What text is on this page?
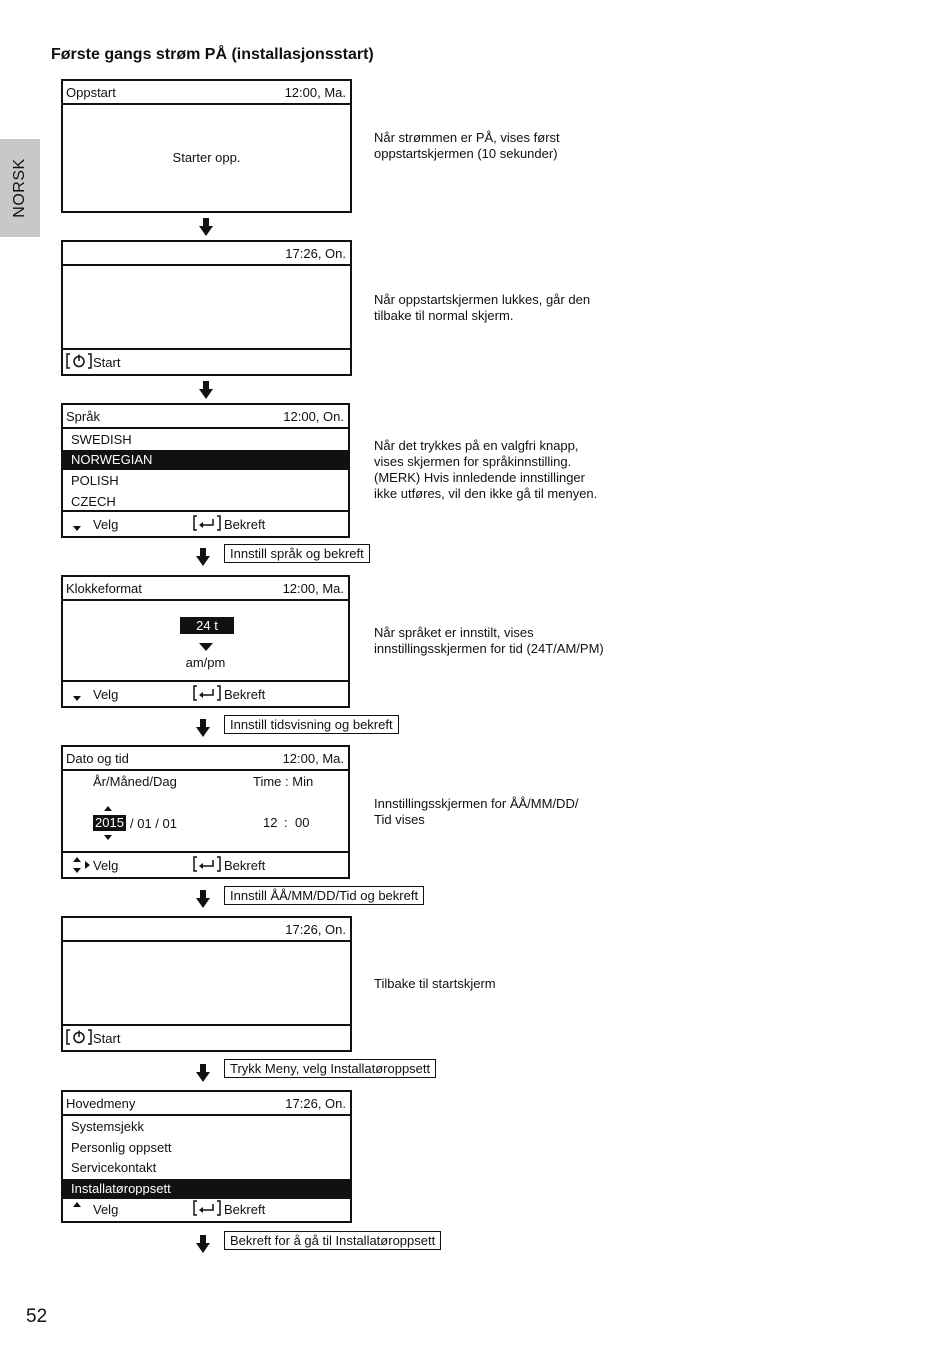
Første gangs strøm PÅ (installasjonsstart)
NORSK
Oppstart	12:00, Ma.
Starter opp.
Når strømmen er PÅ, vises først
oppstartskjermen (10 sekunder)
17:26, On.
Start
Når oppstartskjermen lukkes, går den
tilbake til normal skjerm.
Språk	12:00, On.
SWEDISH
NORWEGIAN
POLISH
CZECH
Velg	Bekreft
Når det trykkes på en valgfri knapp,
vises skjermen for språkinnstilling.
(MERK) Hvis innledende innstillinger
ikke utføres, vil den ikke gå til menyen.
Innstill språk og bekreft
Klokkeformat	12:00, Ma.
24 t
am/pm
Velg	Bekreft
Når språket er innstilt, vises
innstillingsskjermen for tid (24T/AM/PM)
Innstill tidsvisning og bekreft
Dato og tid	12:00, Ma.
År/Måned/Dag	Time : Min
2015 / 01 / 01	12 : 00
Velg	Bekreft
Innstillingsskjermen for ÅÅ/MM/DD/
Tid vises
Innstill ÅÅ/MM/DD/Tid og bekreft
17:26, On.
Start
Tilbake til startskjerm
Trykk Meny, velg Installatøroppsett
Hovedmeny	17:26, On.
Systemsjekk
Personlig oppsett
Servicekontakt
Installatøroppsett
Velg	Bekreft
Bekreft for å gå til Installatøroppsett
52
